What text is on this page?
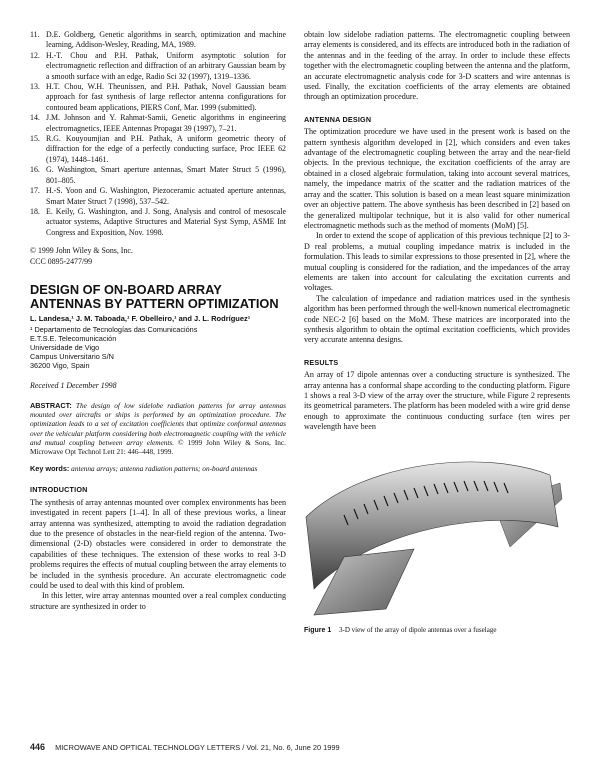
11. D.E. Goldberg, Genetic algorithms in search, optimization and machine learning, Addison-Wesley, Reading, MA, 1989.
12. H.-T. Chou and P.H. Pathak, Uniform asymptotic solution for electromagnetic reflection and diffraction of an arbitrary Gaussian beam by a smooth surface with an edge, Radio Sci 32 (1997), 1319–1336.
13. H.T. Chou, W.H. Theunissen, and P.H. Pathak, Novel Gaussian beam approach for fast synthesis of large reflector antenna configurations for contoured beam applications, PIERS Conf, Mar. 1999 (submitted).
14. J.M. Johnson and Y. Rahmat-Samii, Genetic algorithms in engineering electromagnetics, IEEE Antennas Propagat 39 (1997), 7–21.
15. R.G. Kouyoumjian and P.H. Pathak, A uniform geometric theory of diffraction for the edge of a perfectly conducting surface, Proc IEEE 62 (1974), 1448–1461.
16. G. Washington, Smart aperture antennas, Smart Mater Struct 5 (1996), 801–805.
17. H.-S. Yoon and G. Washington, Piezoceramic actuated aperture antennas, Smart Mater Struct 7 (1998), 537–542.
18. E. Keily, G. Washington, and J. Song, Analysis and control of mesoscale actuator systems, Adaptive Structures and Material Syst Symp, ASME Int Congress and Exposition, Nov. 1998.
© 1999 John Wiley & Sons, Inc.
CCC 0895-2477/99
DESIGN OF ON-BOARD ARRAY ANTENNAS BY PATTERN OPTIMIZATION
L. Landesa,¹ J. M. Taboada,¹ F. Obelleiro,¹ and J. L. Rodríguez¹
¹ Departamento de Tecnologías das Comunicacións
E.T.S.E. Telecomunicación
Universidade de Vigo
Campus Universitario S/N
36200 Vigo, Spain
Received 1 December 1998
ABSTRACT: The design of low sidelobe radiation patterns for array antennas mounted over aircrafts or ships is performed by an optimization procedure. The optimization leads to a set of excitation coefficients that optimize conformal antennas over the vehicular platform considering both electromagnetic coupling with the vehicle and mutual coupling between array elements. © 1999 John Wiley & Sons, Inc. Microwave Opt Technol Lett 21: 446–448, 1999.
Key words: antenna arrays; antenna radiation patterns; on-board antennas
INTRODUCTION

The synthesis of array antennas mounted over complex environments has been investigated in recent papers [1–4]. In all of these previous works, a linear array antenna was synthesized, attempting to avoid the radiation degradation due to the presence of obstacles in the near-field region of the antenna. Two-dimensional (2-D) obstacles were considered in order to demonstrate the capabilities of these techniques. The extension of these works to real 3-D problems requires the effects of mutual coupling between the array elements to be included in the synthesis procedure. An accurate electromagnetic code could be used to deal with this kind of problem.

In this letter, wire array antennas mounted over a real complex conducting structure are synthesized in order to

obtain low sidelobe radiation patterns. The electromagnetic coupling between array elements is considered, and its effects are introduced both in the radiation of the antennas and in the feeding of the array. In order to include these effects together with the electromagnetic coupling between the antenna and the platform, an accurate electromagnetic analysis code for 3-D scatters and wire antennas is used. Finally, the excitation coefficients of the array elements are obtained through an optimization procedure.

ANTENNA DESIGN

The optimization procedure we have used in the present work is based on the pattern synthesis algorithm developed in [2], which considers and even takes advantage of the electromagnetic coupling between the array and the near-field objects. In the previous technique, the excitation coefficients of the array are obtained in a closed algebraic formulation, taking into account several matrices, namely, the impedance matrix of the scatter and the radiation matrices of the array and the scatter. This solution is based on a mean least square minimization over an objective pattern. The above synthesis has been described in [2] based on the generalized multipolar technique, but it is also valid for other numerical electromagnetic methods such as the method of moments (MoM) [5].

In order to extend the scope of application of this previous technique [2] to 3-D real problems, a mutual coupling impedance matrix is included in the formulation. This leads to similar expressions to those presented in [2], where the mutual coupling is considered for the radiation, and the impedances of the array elements are taken into account for calculating the excitation currents and voltages.

The calculation of impedance and radiation matrices used in the synthesis algorithm has been performed through the well-known numerical electromagnetic code NEC-2 [6] based on the MoM. These matrices are incorporated into the synthesis algorithm to obtain the optimal excitation coefficients, which provides very accurate antenna designs.

RESULTS

An array of 17 dipole antennas over a conducting structure is synthesized. The array antenna has a conformal shape according to the conducting platform. Figure 1 shows a real 3-D view of the array over the structure, while Figure 2 represents its geometrical parameters. The platform has been modeled with a wire grid dense enough to approximate the continuous conducting surface (ten wires per wavelength have been

Figure 1 3-D view of the array of dipole antennas over a fuselage
446 MICROWAVE AND OPTICAL TECHNOLOGY LETTERS / Vol. 21, No. 6, June 20 1999
